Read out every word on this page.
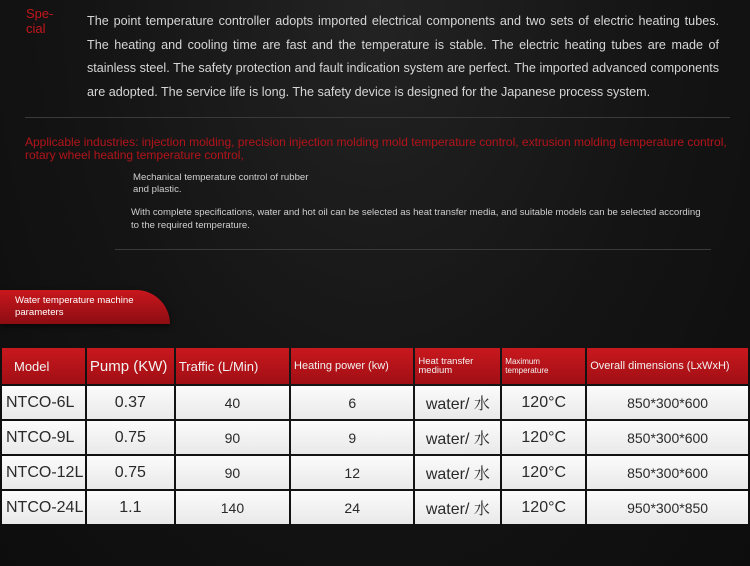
Spe-cial	The point temperature controller adopts imported electrical components and two sets of electric heating tubes. The heating and cooling time are fast and the temperature is stable. The electric heating tubes are made of stainless steel. The safety protection and fault indication system are perfect. The imported advanced components are adopted. The service life is long. The safety device is designed for the Japanese process system.
Applicable industries: injection molding, precision injection molding mold temperature control, extrusion molding temperature control, rotary wheel heating temperature control,
Mechanical temperature control of rubber and plastic.
With complete specifications, water and hot oil can be selected as heat transfer media, and suitable models can be selected according to the required temperature.
Water temperature machine parameters
Model	Pump (KW)	Traffic (L/Min)	Heating power (kw)	Heat transfer medium	Maximum temperature	Overall dimensions (LxWxH)
NTCO-6L	0.37	40	6	water/ 水	120°C	850*300*600
NTCO-9L	0.75	90	9	water/ 水	120°C	850*300*600
NTCO-12L	0.75	90	12	water/ 水	120°C	850*300*600
NTCO-24L	1.1	140	24	water/ 水	120°C	950*300*850
